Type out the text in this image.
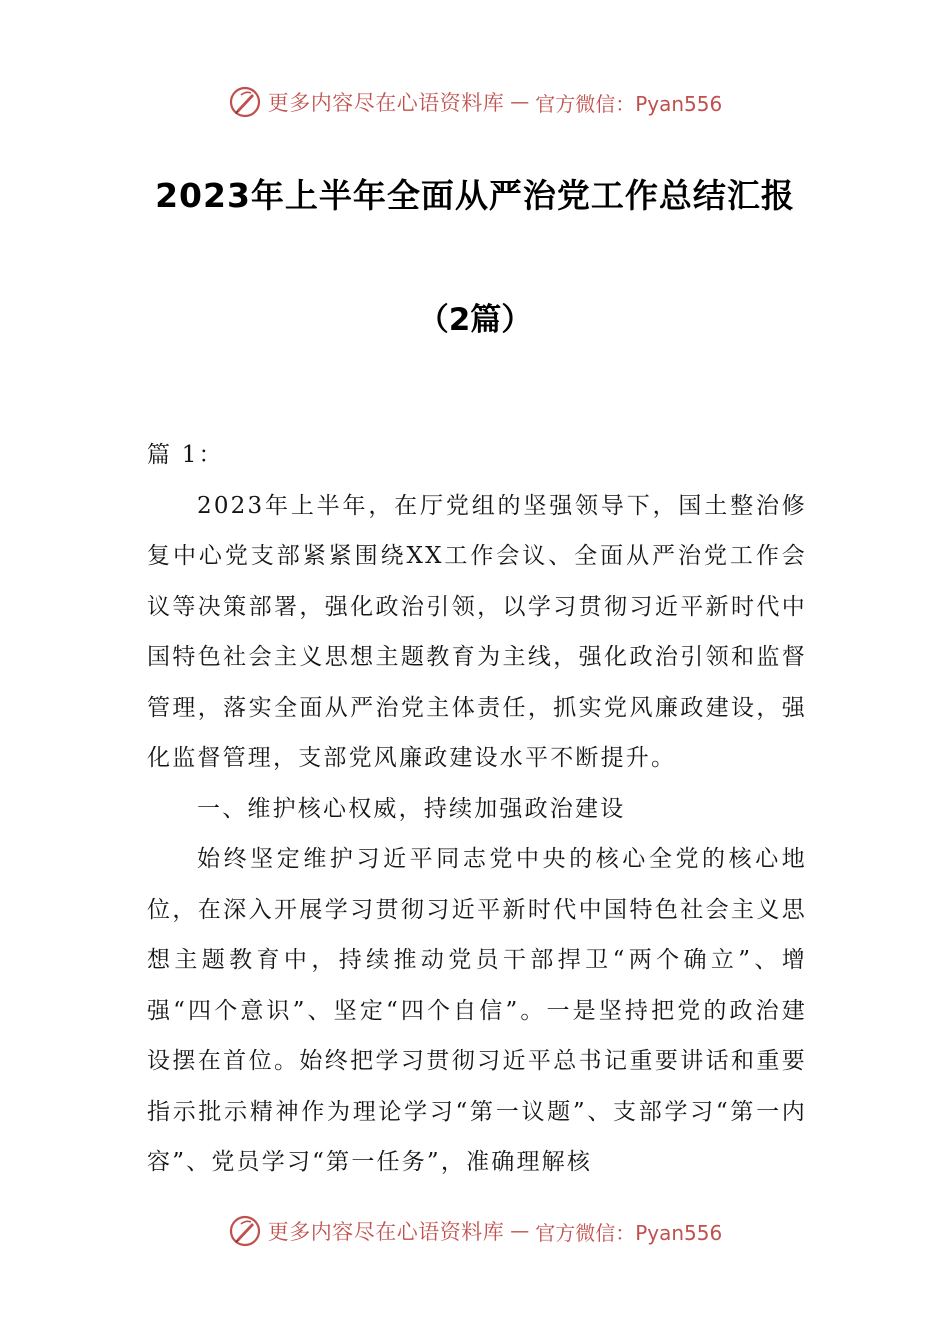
更多内容尽在心语资料库 — 官方微信：Pyan556
2023年上半年全面从严治党工作总结汇报
（2篇）

篇 1：

2023年上半年，在厅党组的坚强领导下，国土整治修复中心党支部紧紧围绕XX工作会议、全面从严治党工作会议等决策部署，强化政治引领，以学习贯彻习近平新时代中国特色社会主义思想主题教育为主线，强化政治引领和监督管理，落实全面从严治党主体责任，抓实党风廉政建设，强化监督管理，支部党风廉政建设水平不断提升。

一、维护核心权威，持续加强政治建设

始终坚定维护习近平同志党中央的核心全党的核心地位，在深入开展学习贯彻习近平新时代中国特色社会主义思想主题教育中，持续推动党员干部捍卫“两个确立”、增强“四个意识”、坚定“四个自信”。一是坚持把党的政治建设摆在首位。始终把学习贯彻习近平总书记重要讲话和重要指示批示精神作为理论学习“第一议题”、支部学习“第一内容”、党员学习“第一任务”，准确理解核

更多内容尽在心语资料库 — 官方微信：Pyan556
